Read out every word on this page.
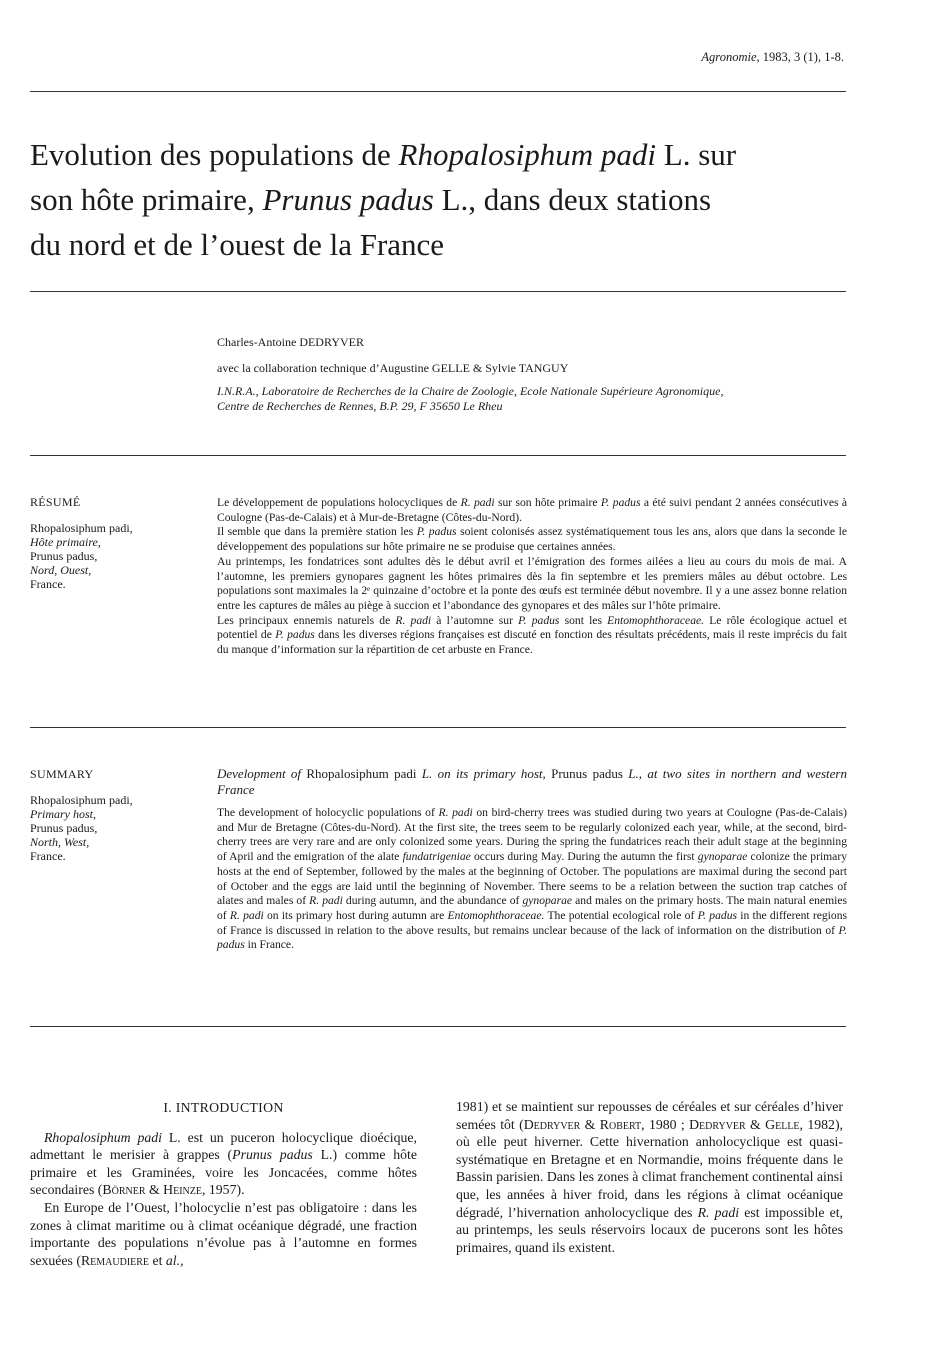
Agronomie, 1983, 3 (1), 1-8.
Evolution des populations de Rhopalosiphum padi L. sur
son hôte primaire, Prunus padus L., dans deux stations
du nord et de l’ouest de la France
Charles-Antoine DEDRYVER
avec la collaboration technique d’Augustine GELLE & Sylvie TANGUY
I.N.R.A., Laboratoire de Recherches de la Chaire de Zoologie, Ecole Nationale Supérieure Agronomique,
Centre de Recherches de Rennes, B.P. 29, F 35650 Le Rheu
RÉSUMÉ
Rhopalosiphum padi,
Hôte primaire,
Prunus padus,
Nord, Ouest,
France.

Le développement de populations holocycliques de R. padi sur son hôte primaire P. padus a été suivi pendant 2 années consécutives à Coulogne (Pas-de-Calais) et à Mur-de-Bretagne (Côtes-du-Nord).

Il semble que dans la première station les P. padus soient colonisés assez systématiquement tous les ans, alors que dans la seconde le développement des populations sur hôte primaire ne se produise que certaines années.

Au printemps, les fondatrices sont adultes dès le début avril et l’émigration des formes ailées a lieu au cours du mois de mai. A l’automne, les premiers gynopares gagnent les hôtes primaires dès la fin septembre et les premiers mâles au début octobre. Les populations sont maximales la 2ᵉ quinzaine d’octobre et la ponte des œufs est terminée début novembre. Il y a une assez bonne relation entre les captures de mâles au piège à succion et l’abondance des gynopares et des mâles sur l’hôte primaire.

Les principaux ennemis naturels de R. padi à l’automne sur P. padus sont les Entomophthoraceae. Le rôle écologique actuel et potentiel de P. padus dans les diverses régions françaises est discuté en fonction des résultats précédents, mais il reste imprécis du fait du manque d’information sur la répartition de cet arbuste en France.

SUMMARY
Rhopalosiphum padi,
Primary host,
Prunus padus,
North, West,
France.

Development of Rhopalosiphum padi L. on its primary host, Prunus padus L., at two sites in northern and western France

The development of holocyclic populations of R. padi on bird-cherry trees was studied during two years at Coulogne (Pas-de-Calais) and Mur de Bretagne (Côtes-du-Nord). At the first site, the trees seem to be regularly colonized each year, while, at the second, bird-cherry trees are very rare and are only colonized some years. During the spring the fundatrices reach their adult stage at the beginning of April and the emigration of the alate fundatrigeniae occurs during May. During the autumn the first gynoparae colonize the primary hosts at the end of September, followed by the males at the beginning of October. The populations are maximal during the second part of October and the eggs are laid until the beginning of November. There seems to be a relation between the suction trap catches of alates and males of R. padi during autumn, and the abundance of gynoparae and males on the primary hosts. The main natural enemies of R. padi on its primary host during autumn are Entomophthoraceae. The potential ecological role of P. padus in the different regions of France is discussed in relation to the above results, but remains unclear because of the lack of information on the distribution of P. padus in France.

I. INTRODUCTION

Rhopalosiphum padi L. est un puceron holocyclique dioécique, admettant le merisier à grappes (Prunus padus L.) comme hôte primaire et les Graminées, voire les Joncacées, comme hôtes secondaires (Börner & Heinze, 1957).

En Europe de l’Ouest, l’holocyclie n’est pas obligatoire : dans les zones à climat maritime ou à climat océanique dégradé, une fraction importante des populations n’évolue pas à l’automne en formes sexuées (Remaudiere et al.,

1981) et se maintient sur repousses de céréales et sur céréales d’hiver semées tôt (Dedryver & Robert, 1980 ; Dedryver & Gelle, 1982), où elle peut hiverner. Cette hivernation anholocyclique est quasi-systématique en Bretagne et en Normandie, moins fréquente dans le Bassin parisien. Dans les zones à climat franchement continental ainsi que, les années à hiver froid, dans les régions à climat océanique dégradé, l’hivernation anholocyclique des R. padi est impossible et, au printemps, les seuls réservoirs locaux de pucerons sont les hôtes primaires, quand ils existent.
